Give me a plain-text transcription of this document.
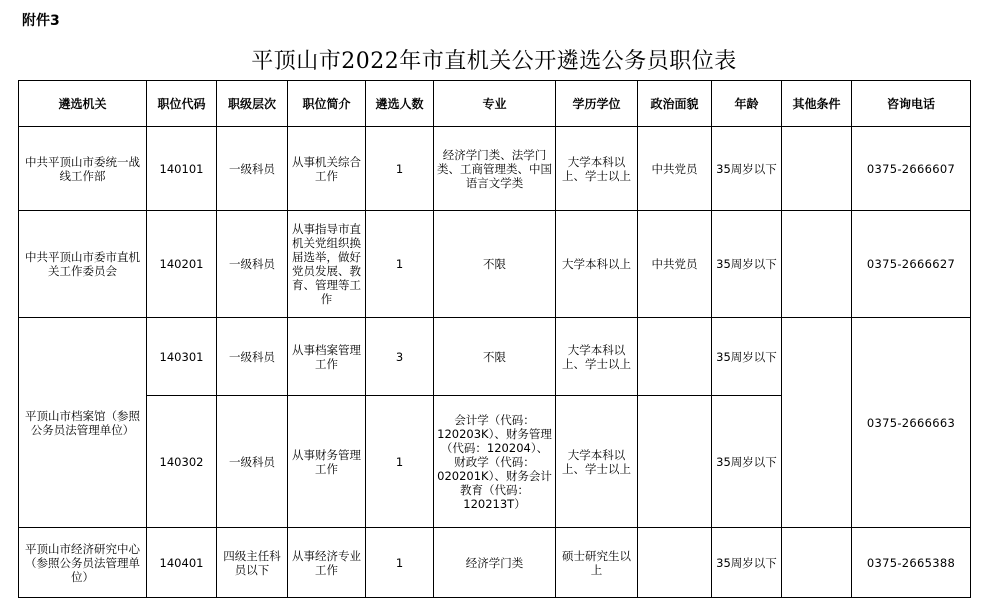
附件3
平顶山市2022年市直机关公开遴选公务员职位表
遴选机关	职位代码	职级层次	职位简介	遴选人数	专业	学历学位	政治面貌	年龄	其他条件	咨询电话
中共平顶山市委统一战线工作部	140101	一级科员	从事机关综合工作	1	经济学门类、法学门类、工商管理类、中国语言文学类	大学本科以上、学士以上	中共党员	35周岁以下		0375-2666607
中共平顶山市委市直机关工作委员会	140201	一级科员	从事指导市直机关党组织换届选举，做好党员发展、教育、管理等工作	1	不限	大学本科以上	中共党员	35周岁以下		0375-2666627
平顶山市档案馆（参照公务员法管理单位）	140301	一级科员	从事档案管理工作	3	不限	大学本科以上、学士以上		35周岁以下		0375-2666663
	140302	一级科员	从事财务管理工作	1	会计学（代码：120203K）、财务管理（代码：120204）、财政学（代码：020201K）、财务会计教育（代码：120213T）	大学本科以上、学士以上		35周岁以下		
平顶山市经济研究中心（参照公务员法管理单位）	140401	四级主任科员以下	从事经济专业工作	1	经济学门类	硕士研究生以上		35周岁以下		0375-2665388
